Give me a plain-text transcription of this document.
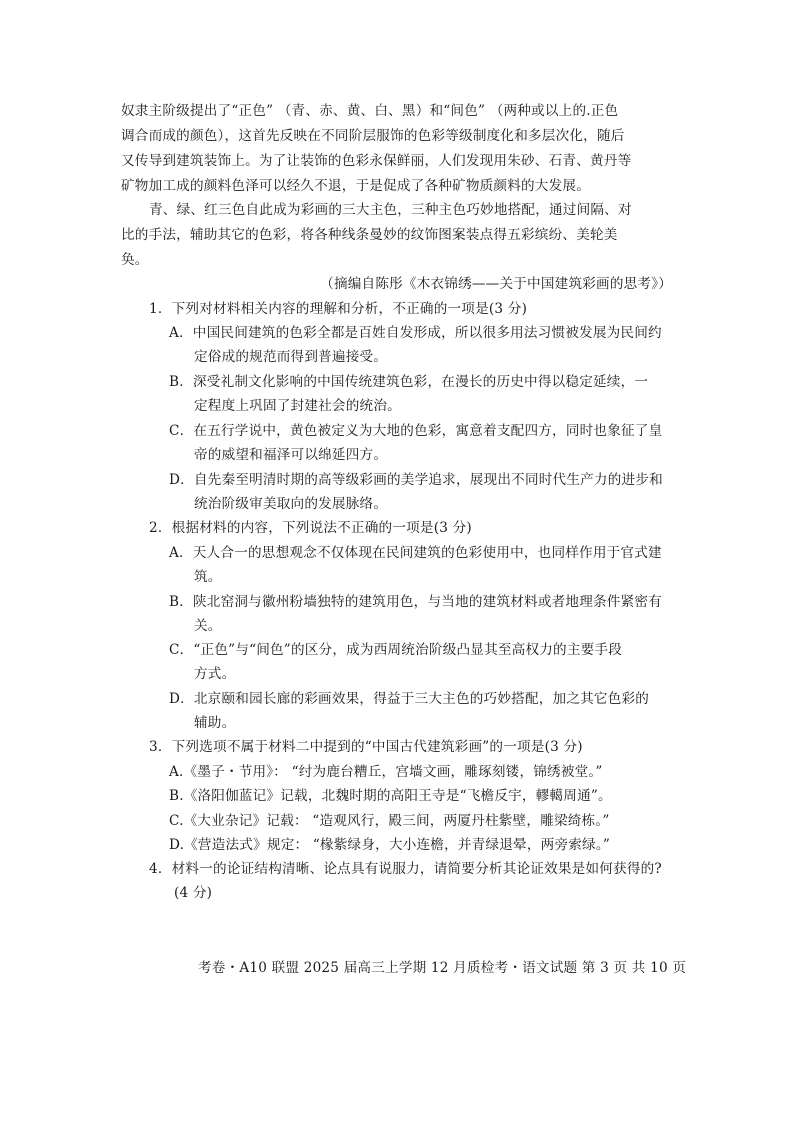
奴隶主阶级提出了“正色” （青、赤、黄、白、黑）和“间色” （两种或以上的.正色
调合而成的颜色），这首先反映在不同阶层服饰的色彩等级制度化和多层次化，随后
又传导到建筑装饰上。为了让装饰的色彩永保鲜丽，人们发现用朱砂、石青、黄丹等
矿物加工成的颜料色泽可以经久不退，于是促成了各种矿物质颜料的大发展。
青、绿、红三色自此成为彩画的三大主色，三种主色巧妙地搭配，通过间隔、对
比的手法，辅助其它的色彩，将各种线条曼妙的纹饰图案装点得五彩缤纷、美轮美
奂。
（摘编自陈彤《木衣锦绣——关于中国建筑彩画的思考》）
1．下列对材料相关内容的理解和分析，不正确的一项是(3 分)
A．中国民间建筑的色彩全都是百姓自发形成，所以很多用法习惯被发展为民间约
定俗成的规范而得到普遍接受。
B．深受礼制文化影响的中国传统建筑色彩，在漫长的历史中得以稳定延续，一
定程度上巩固了封建社会的统治。
C．在五行学说中，黄色被定义为大地的色彩，寓意着支配四方，同时也象征了皇
帝的威望和福泽可以绵延四方。
D．自先秦至明清时期的高等级彩画的美学追求，展现出不同时代生产力的进步和
统治阶级审美取向的发展脉络。
2．根据材料的内容，下列说法不正确的一项是(3 分)
A．天人合一的思想观念不仅体现在民间建筑的色彩使用中，也同样作用于官式建
筑。
B．陕北窑洞与徽州粉墙独特的建筑用色，与当地的建筑材料或者地理条件紧密有
关。
C．“正色”与“间色”的区分，成为西周统治阶级凸显其至高权力的主要手段
方式。
D．北京颐和园长廊的彩画效果，得益于三大主色的巧妙搭配，加之其它色彩的
辅助。
3．下列选项不属于材料二中提到的“中国古代建筑彩画”的一项是(3 分)
A.《墨子・节用》： “纣为鹿台糟丘，宫墙文画，雕琢刻镂，锦绣被堂。”
B.《洛阳伽蓝记》记载，北魏时期的高阳王寺是“飞檐反宇，轇轕周通”。
C.《大业杂记》记载： “造观风行，殿三间，两厦丹柱紫壁，雕梁绮栋。”
D.《营造法式》规定： “椽紫绿身，大小连檐，并青绿退晕，两旁索绿。”
4．材料一的论证结构清晰、论点具有说服力，请简要分析其论证效果是如何获得的?
(4 分)
考卷・A10 联盟 2025 届高三上学期 12 月质检考・语文试题 第 3 页 共 10 页
